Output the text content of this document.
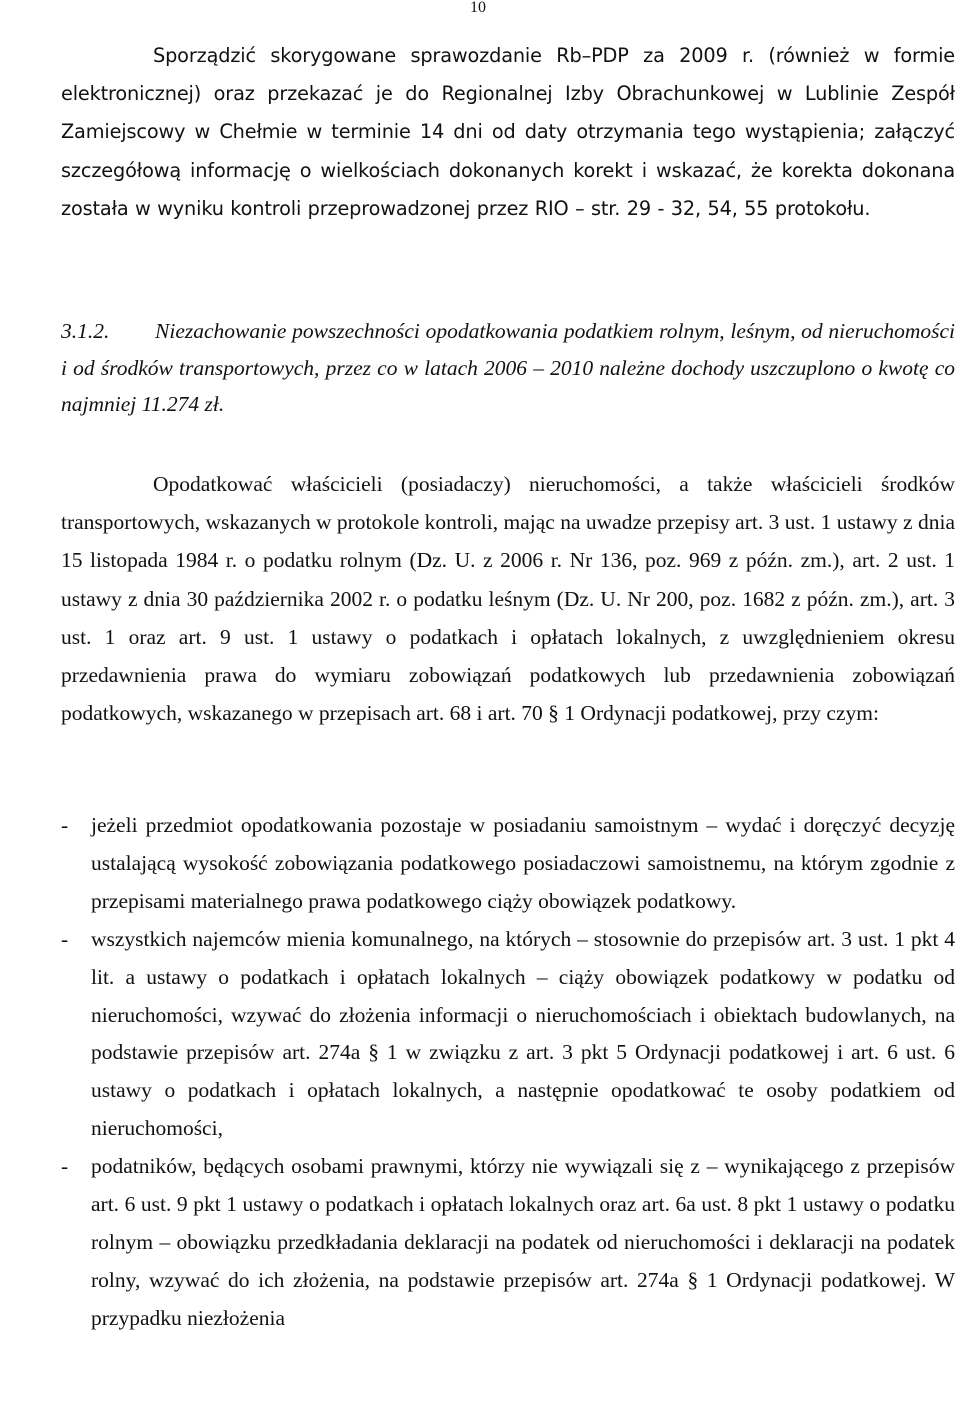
10

Sporządzić skorygowane sprawozdanie Rb–PDP za 2009 r. (również w formie elektronicznej) oraz przekazać je do Regionalnej Izby Obrachunkowej w Lublinie Zespół Zamiejscowy w Chełmie w terminie 14 dni od daty otrzymania tego wystąpienia; załączyć szczegółową informację o wielkościach dokonanych korekt i wskazać, że korekta dokonana została w wyniku kontroli przeprowadzonej przez RIO – str. 29 - 32, 54, 55 protokołu.

3.1.2. Niezachowanie powszechności opodatkowania podatkiem rolnym, leśnym, od nieruchomości i od środków transportowych, przez co w latach 2006 – 2010 należne dochody uszczuplono o kwotę co najmniej 11.274 zł.

Opodatkować właścicieli (posiadaczy) nieruchomości, a także właścicieli środków transportowych, wskazanych w protokole kontroli, mając na uwadze przepisy art. 3 ust. 1 ustawy z dnia 15 listopada 1984 r. o podatku rolnym (Dz. U. z 2006 r. Nr 136, poz. 969 z późn. zm.), art. 2 ust. 1 ustawy z dnia 30 października 2002 r. o podatku leśnym (Dz. U. Nr 200, poz. 1682 z późn. zm.), art. 3 ust. 1 oraz art. 9 ust. 1 ustawy o podatkach i opłatach lokalnych, z uwzględnieniem okresu przedawnienia prawa do wymiaru zobowiązań podatkowych lub przedawnienia zobowiązań podatkowych, wskazanego w przepisach art. 68 i art. 70 § 1 Ordynacji podatkowej, przy czym:

- jeżeli przedmiot opodatkowania pozostaje w posiadaniu samoistnym – wydać i doręczyć decyzję ustalającą wysokość zobowiązania podatkowego posiadaczowi samoistnemu, na którym zgodnie z przepisami materialnego prawa podatkowego ciąży obowiązek podatkowy.

- wszystkich najemców mienia komunalnego, na których – stosownie do przepisów art. 3 ust. 1 pkt 4 lit. a ustawy o podatkach i opłatach lokalnych – ciąży obowiązek podatkowy w podatku od nieruchomości, wzywać do złożenia informacji o nieruchomościach i obiektach budowlanych, na podstawie przepisów art. 274a § 1 w związku z art. 3 pkt 5 Ordynacji podatkowej i art. 6 ust. 6 ustawy o podatkach i opłatach lokalnych, a następnie opodatkować te osoby podatkiem od nieruchomości,

- podatników, będących osobami prawnymi, którzy nie wywiązali się z – wynikającego z przepisów art. 6 ust. 9 pkt 1 ustawy o podatkach i opłatach lokalnych oraz art. 6a ust. 8 pkt 1 ustawy o podatku rolnym – obowiązku przedkładania deklaracji na podatek od nieruchomości i deklaracji na podatek rolny, wzywać do ich złożenia, na podstawie przepisów art. 274a § 1 Ordynacji podatkowej. W przypadku niezłożenia
